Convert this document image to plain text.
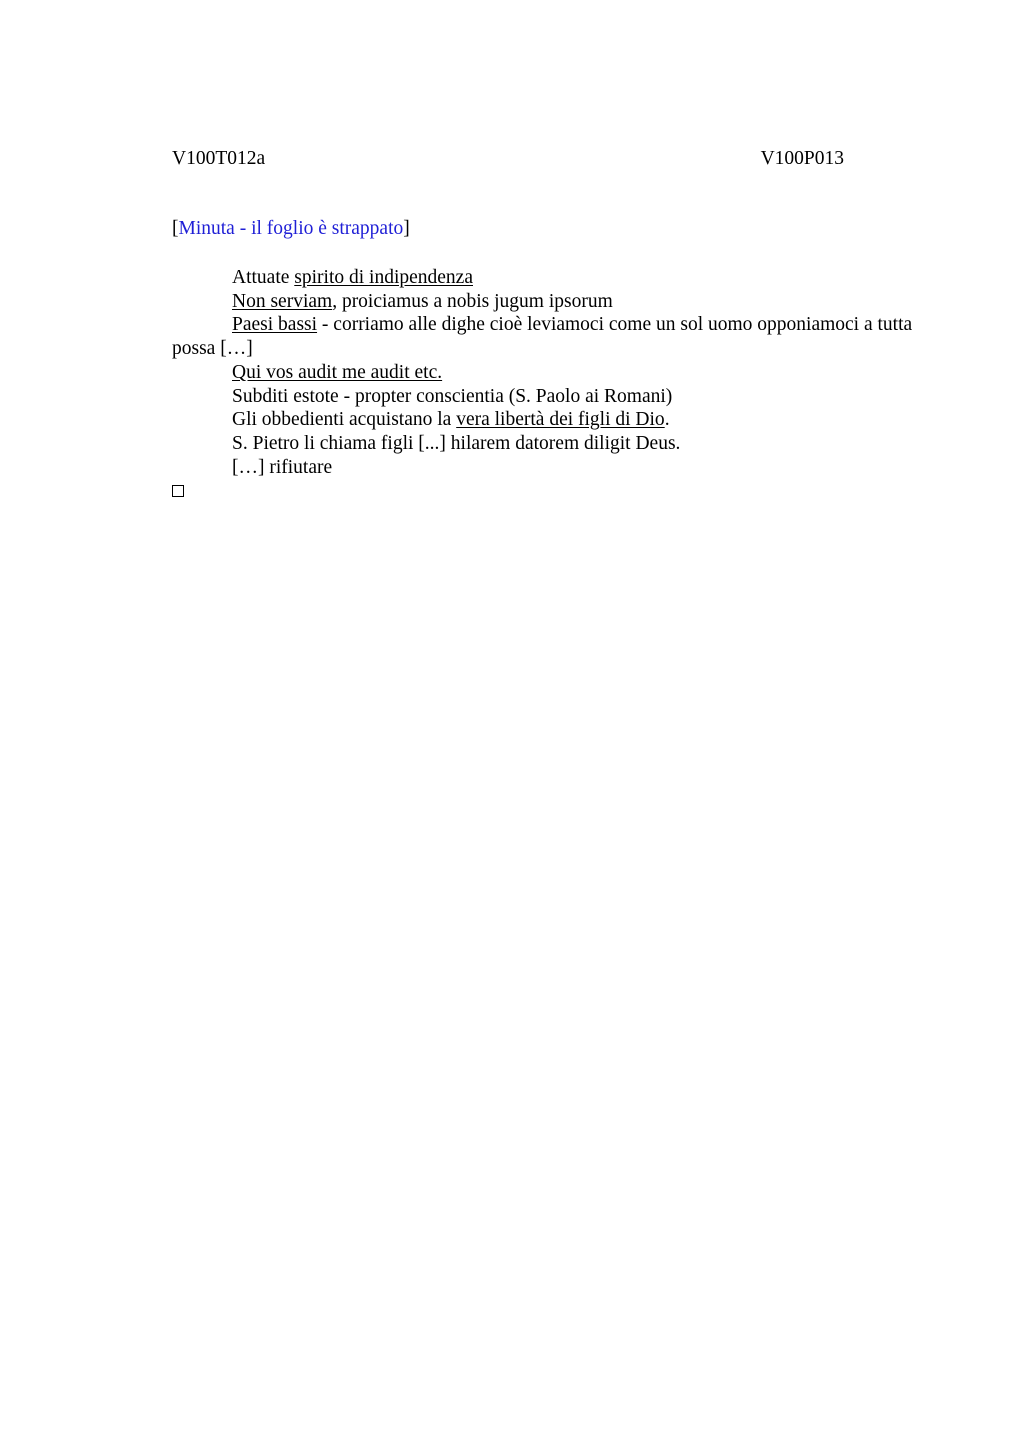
V100T012a	V100P013
[Minuta - il foglio è strappato]

Attuate spirito di indipendenza

Non serviam, proiciamus a nobis jugum ipsorum

Paesi bassi - corriamo alle dighe cioè leviamoci come un sol uomo opponiamoci a tutta possa […]

Qui vos audit me audit etc.

Subditi estote - propter conscientia (S. Paolo ai Romani)

Gli obbedienti acquistano la vera libertà dei figli di Dio.

S. Pietro li chiama figli [...] hilarem datorem diligit Deus.

[…] rifiutare
